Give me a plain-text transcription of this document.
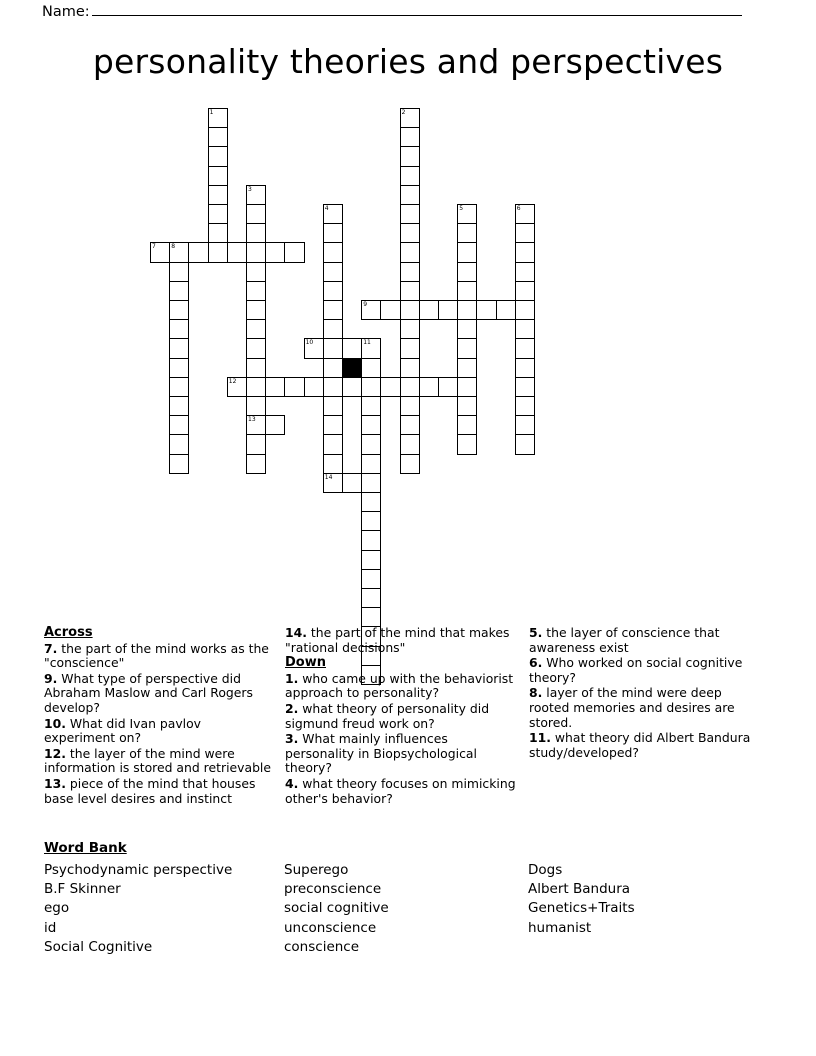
Name:
personality theories and perspectives
1	2
3
13
4	5	6
7	8
9
10	11
12
14
Across
7. the part of the mind works as the "conscience"
9. What type of perspective did Abraham Maslow and Carl Rogers develop?
10. What did Ivan pavlov experiment on?
12. the layer of the mind were information is stored and retrievable
13. piece of the mind that houses base level desires and instinct
14. the part of the mind that makes "rational decisions"
Down
1. who came up with the behaviorist approach to personality?
2. what theory of personality did sigmund freud work on?
3. What mainly influences personality in Biopsychological theory?
4. what theory focuses on mimicking other's behavior?
5. the layer of conscience that awareness exist
6. Who worked on social cognitive theory?
8. layer of the mind were deep rooted memories and desires are stored.
11. what theory did Albert Bandura study/developed?
Word Bank
Psychodynamic perspective
B.F Skinner
ego
id
Social Cognitive
Superego
preconscience
social cognitive
unconscience
conscience
Dogs
Albert Bandura
Genetics+Traits
humanist
